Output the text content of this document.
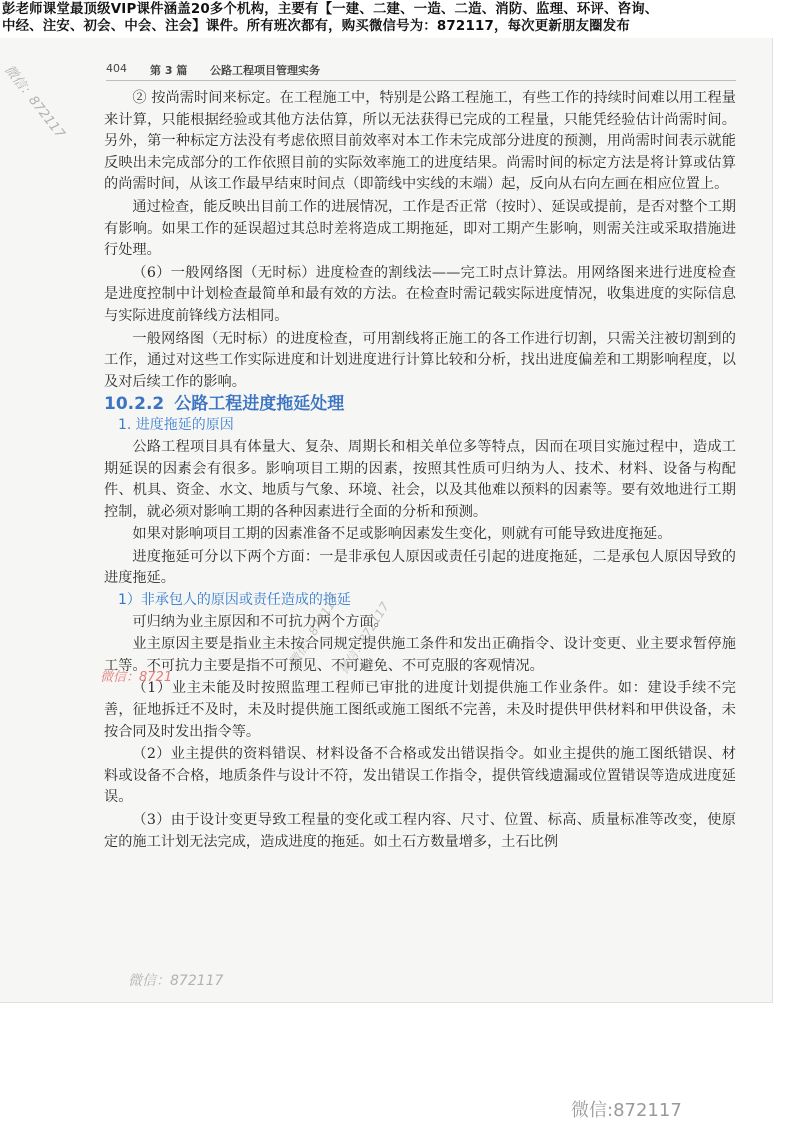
彭老师课堂最顶级VIP课件涵盖20多个机构，主要有【一建、二建、一造、二造、消防、监理、环评、咨询、
中经、注安、初会、中会、注会】课件。所有班次都有，购买微信号为：872117，每次更新朋友圈发布
404 第 3 篇 公路工程项目管理实务

② 按尚需时间来标定。在工程施工中，特别是公路工程施工，有些工作的持续时间难以用工程量来计算，只能根据经验或其他方法估算，所以无法获得已完成的工程量，只能凭经验估计尚需时间。另外，第一种标定方法没有考虑依照目前效率对本工作未完成部分进度的预测，用尚需时间表示就能反映出未完成部分的工作依照目前的实际效率施工的进度结果。尚需时间的标定方法是将计算或估算的尚需时间，从该工作最早结束时间点（即箭线中实线的末端）起，反向从右向左画在相应位置上。

通过检查，能反映出目前工作的进展情况，工作是否正常（按时）、延误或提前，是否对整个工期有影响。如果工作的延误超过其总时差将造成工期拖延，即对工期产生影响，则需关注或采取措施进行处理。

（6）一般网络图（无时标）进度检查的割线法——完工时点计算法。用网络图来进行进度检查是进度控制中计划检查最简单和最有效的方法。在检查时需记载实际进度情况，收集进度的实际信息与实际进度前锋线方法相同。

一般网络图（无时标）的进度检查，可用割线将正施工的各工作进行切割，只需关注被切割到的工作，通过对这些工作实际进度和计划进度进行计算比较和分析，找出进度偏差和工期影响程度，以及对后续工作的影响。

10.2.2 公路工程进度拖延处理

1. 进度拖延的原因

公路工程项目具有体量大、复杂、周期长和相关单位多等特点，因而在项目实施过程中，造成工期延误的因素会有很多。影响项目工期的因素，按照其性质可归纳为人、技术、材料、设备与构配件、机具、资金、水文、地质与气象、环境、社会，以及其他难以预料的因素等。要有效地进行工期控制，就必须对影响工期的各种因素进行全面的分析和预测。

如果对影响项目工期的因素准备不足或影响因素发生变化，则就有可能导致进度拖延。

进度拖延可分以下两个方面：一是非承包人原因或责任引起的进度拖延，二是承包人原因导致的进度拖延。

1）非承包人的原因或责任造成的拖延

可归纳为业主原因和不可抗力两个方面。

业主原因主要是指业主未按合同规定提供施工条件和发出正确指令、设计变更、业主要求暂停施工等。不可抗力主要是指不可预见、不可避免、不可克服的客观情况。

（1）业主未能及时按照监理工程师已审批的进度计划提供施工作业条件。如：建设手续不完善，征地拆迁不及时，未及时提供施工图纸或施工图纸不完善，未及时提供甲供材料和甲供设备，未按合同及时发出指令等。

（2）业主提供的资料错误、材料设备不合格或发出错误指令。如业主提供的施工图纸错误、材料或设备不合格，地质条件与设计不符，发出错误工作指令，提供管线遗漏或位置错误等造成进度延误。

（3）由于设计变更导致工程量的变化或工程内容、尺寸、位置、标高、质量标准等改变，使原定的施工计划无法完成，造成进度的拖延。如土石方数量增多，土石比例

微信：872117
微信：872117
微信：872117
微信：8721
微信：872117
微信:872117
